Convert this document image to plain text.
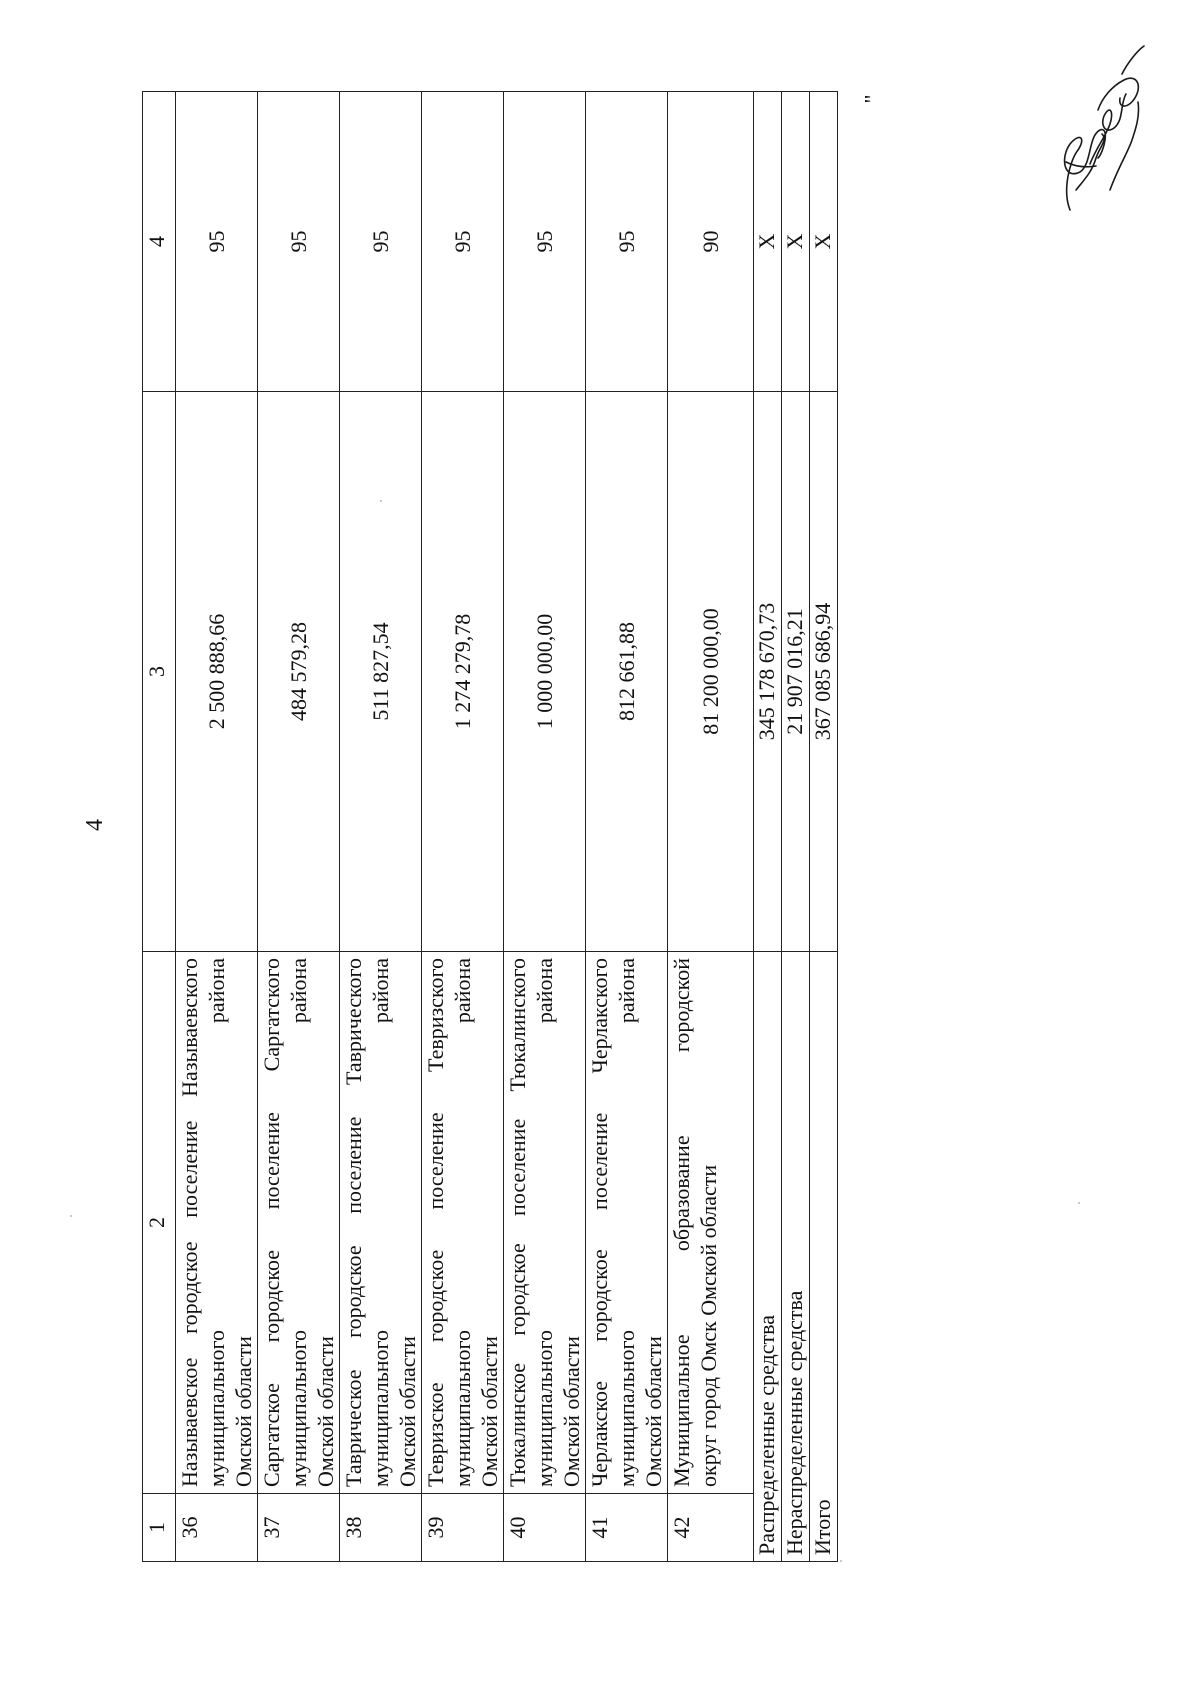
4
1	2	3	4
36	Называевское городское поселение Называевского муниципального района Омской области	2 500 888,66	95
37	Саргатское городское поселение Саргатского муниципального района Омской области	484 579,28	95
38	Таврическое городское поселение Таврического муниципального района Омской области	511 827,54	95
39	Тевризское городское поселение Тевризского муниципального района Омской области	1 274 279,78	95
40	Тюкалинское городское поселение Тюкалинского муниципального района Омской области	1 000 000,00	95
41	Черлакское городское поселение Черлакского муниципального района Омской области	812 661,88	95
42	Муниципальное образование городской округ город Омск Омской области	81 200 000,00	90
Распределенные средства		345 178 670,73	X
Нераспределенные средства		21 907 016,21	X
Итого		367 085 686,94	X
"
